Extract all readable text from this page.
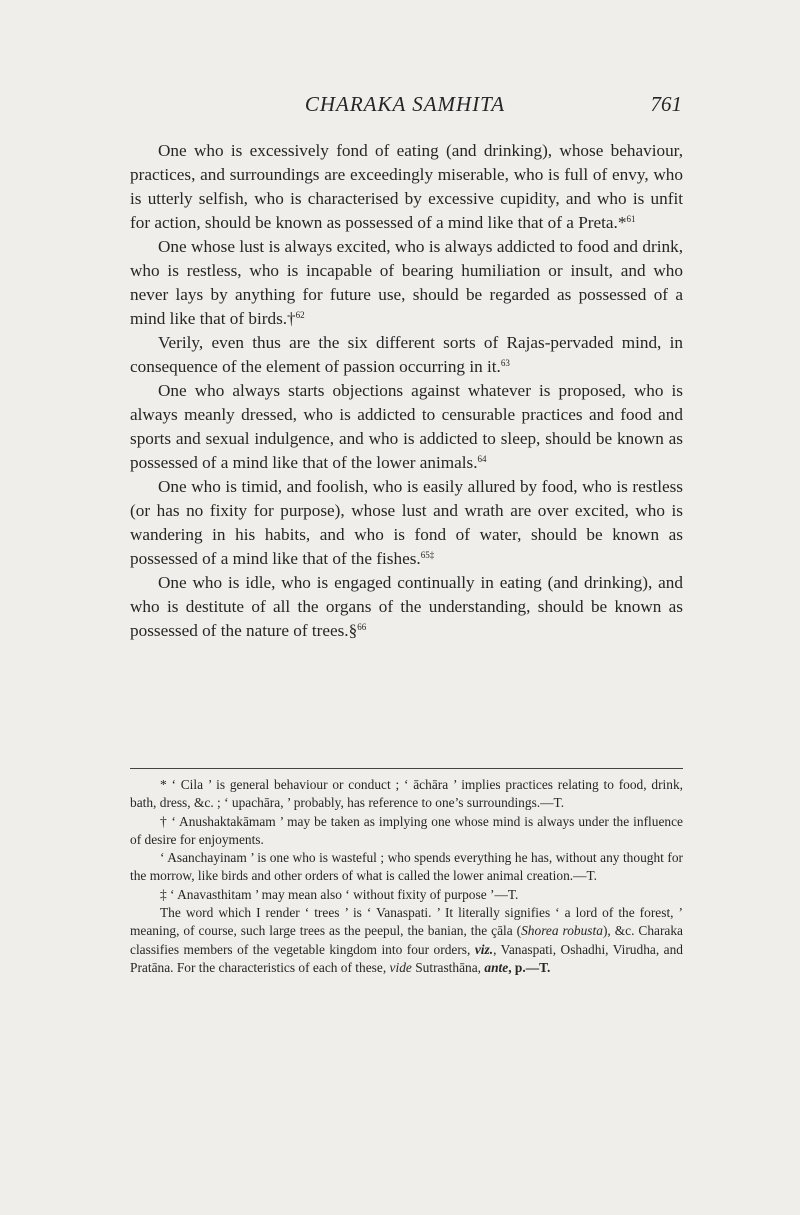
CHARAKA SAMHITA	761

One who is excessively fond of eating (and drinking), whose behaviour, practices, and surroundings are exceedingly miserable, who is full of envy, who is utterly selfish, who is characterised by excessive cupidity, and who is unfit for action, should be known as possessed of a mind like that of a Preta.*$^{61}$

One whose lust is always excited, who is always addicted to food and drink, who is restless, who is incapable of bearing humiliation or insult, and who never lays by anything for future use, should be regarded as possessed of a mind like that of birds.†$^{62}$

Verily, even thus are the six different sorts of Rajas-pervaded mind, in consequence of the element of passion occurring in it.$^{63}$

One who always starts objections against whatever is proposed, who is always meanly dressed, who is addicted to censurable practices and food and sports and sexual indulgence, and who is addicted to sleep, should be known as possessed of a mind like that of the lower animals.$^{64}$

One who is timid, and foolish, who is easily allured by food, who is restless (or has no fixity for purpose), whose lust and wrath are over excited, who is wandering in his habits, and who is fond of water, should be known as possessed of a mind like that of the fishes.$^{65\ddagger}$

One who is idle, who is engaged continually in eating (and drinking), and who is destitute of all the organs of the understanding, should be known as possessed of the nature of trees.§$^{66}$

* ‘ Cila ’ is general behaviour or conduct ; ‘ āchāra ’ implies practices relating to food, drink, bath, dress, &c. ; ‘ upachāra, ’ probably, has reference to one’s surroundings.—T.

† ‘ Anushaktakāmam ’ may be taken as implying one whose mind is always under the influence of desire for enjoyments.

‘ Asanchayinam ’ is one who is wasteful ; who spends everything he has, without any thought for the morrow, like birds and other orders of what is called the lower animal creation.—T.

‡ ‘ Anavasthitam ’ may mean also ‘ without fixity of purpose ’—T.

The word which I render ‘ trees ’ is ‘ Vanaspati. ’ It literally signifies ‘ a lord of the forest, ’ meaning, of course, such large trees as the peepul, the banian, the çāla (Shorea robusta), &c. Charaka classifies members of the vegetable kingdom into four orders, viz., Vanaspati, Oshadhi, Virudha, and Pratāna. For the characteristics of each of these, vide Sutrasthāna, ante, p.—T.
